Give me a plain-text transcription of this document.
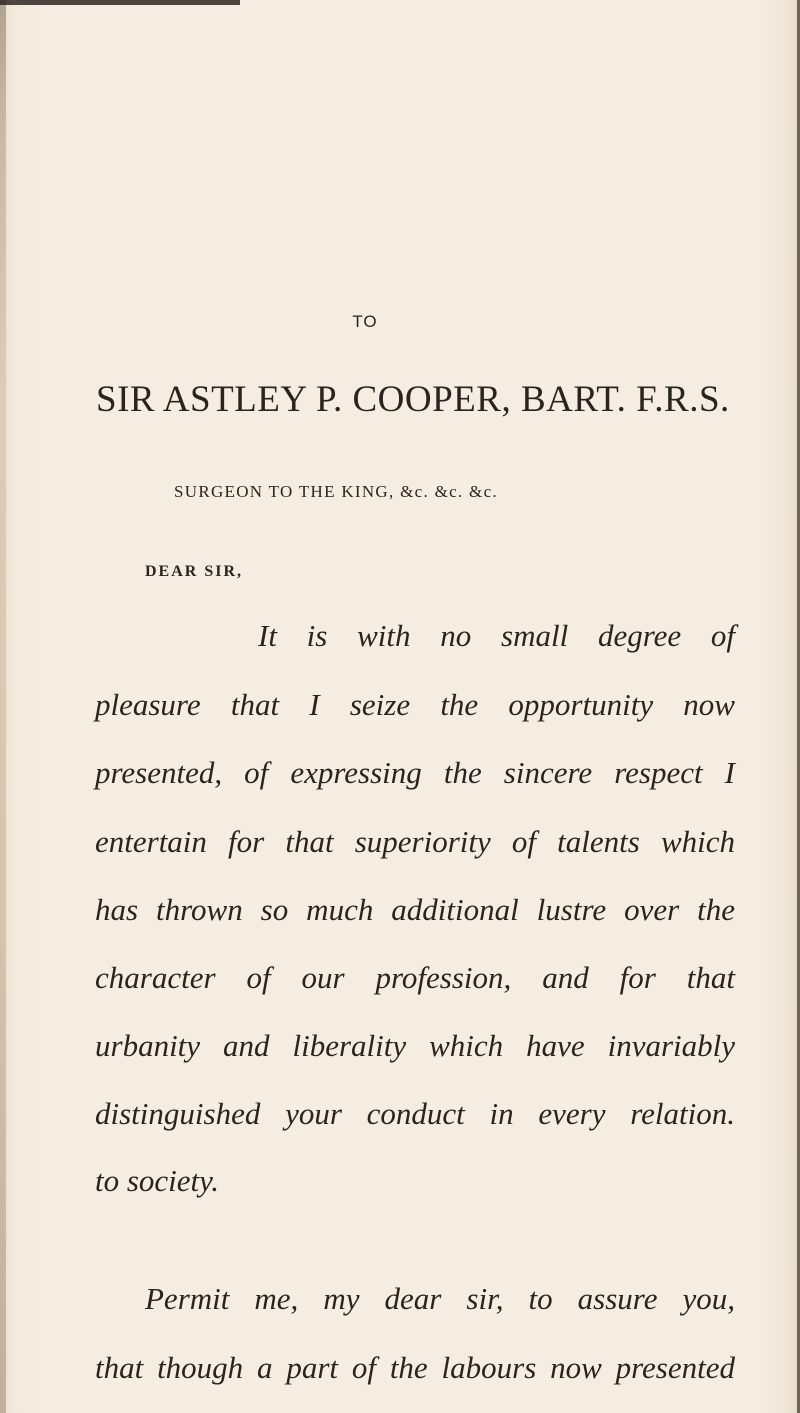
TO
SIR ASTLEY P. COOPER, BART. F.R.S.
SURGEON TO THE KING, &c. &c. &c.
DEAR SIR,
It is with no small degree of
pleasure that I seize the opportunity now
presented, of expressing the sincere respect I
entertain for that superiority of talents which
has thrown so much additional lustre over the
character of our profession, and for that
urbanity and liberality which have invariably
distinguished your conduct in every relation.
to society.
Permit me, my dear sir, to assure you,
that though a part of the labours now presented
